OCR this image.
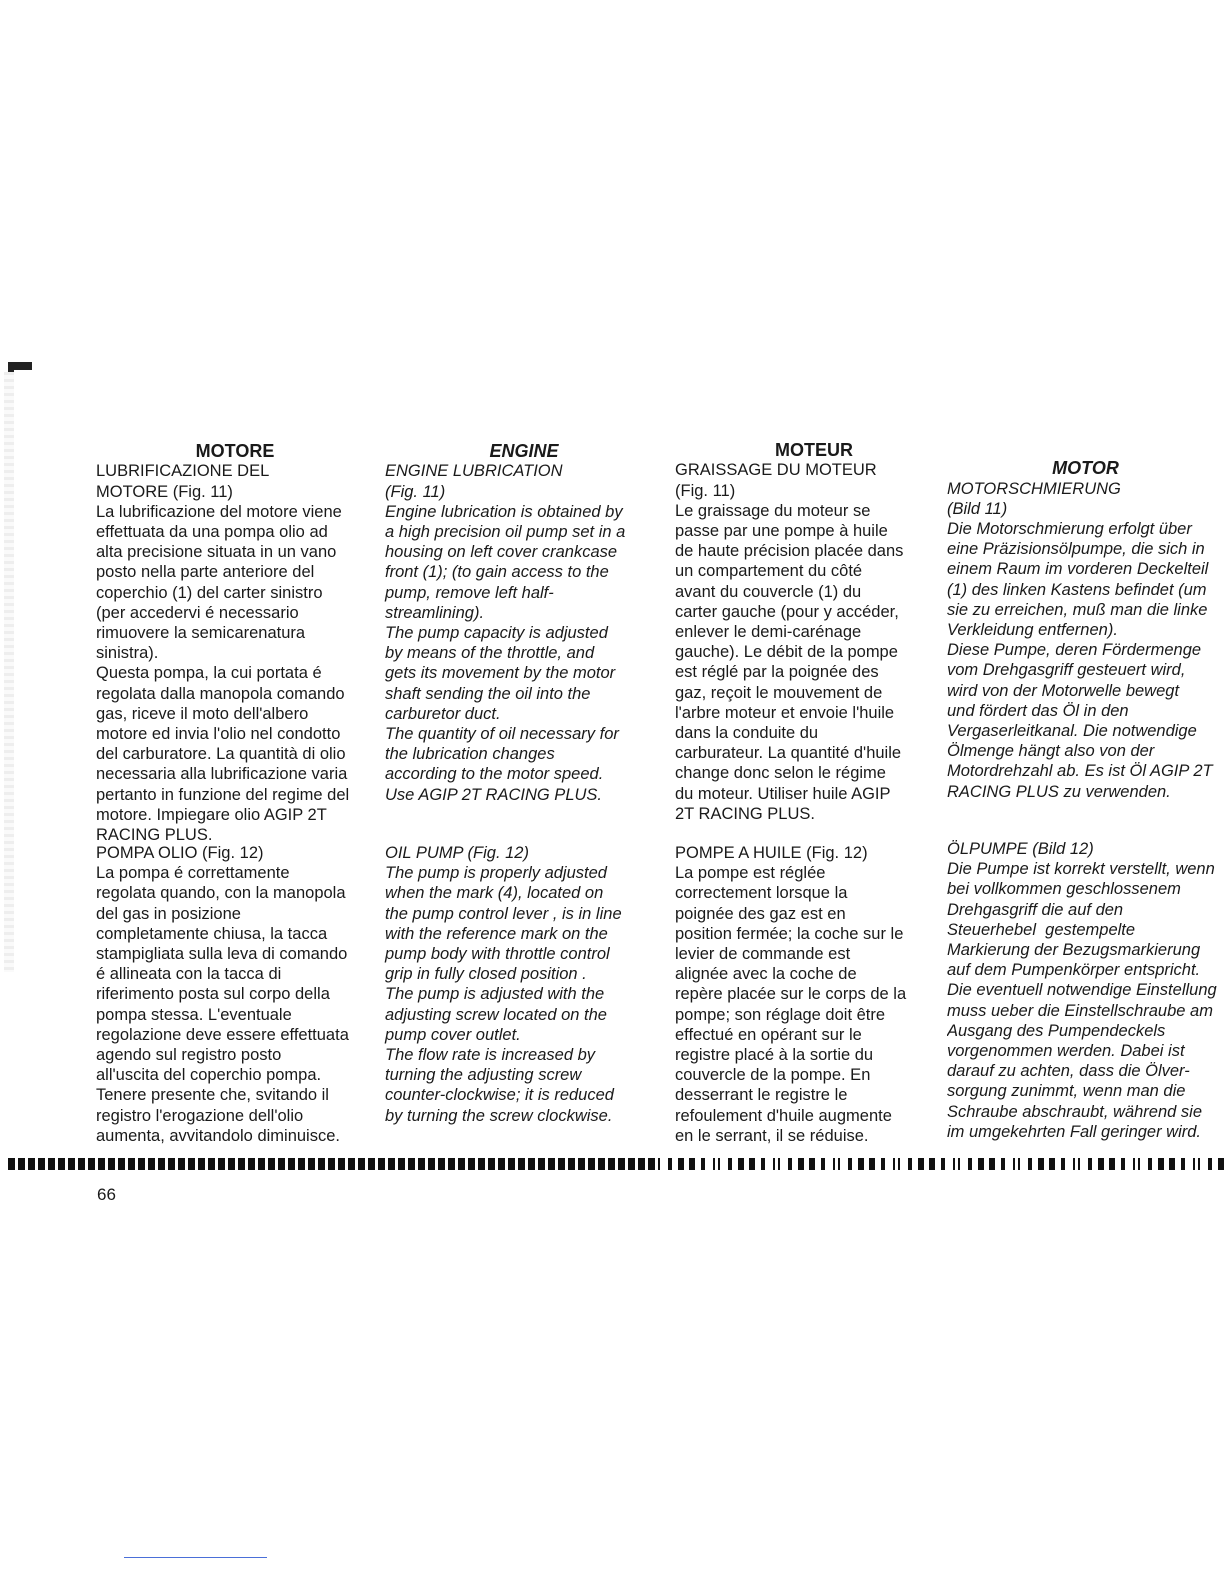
MOTORE
LUBRIFICAZIONE DEL
MOTORE (Fig. 11)
La lubrificazione del motore viene
effettuata da una pompa olio ad
alta precisione situata in un vano
posto nella parte anteriore del
coperchio (1) del carter sinistro
(per accedervi é necessario
rimuovere la semicarenatura
sinistra).
Questa pompa, la cui portata é
regolata dalla manopola comando
gas, riceve il moto dell'albero
motore ed invia l'olio nel condotto
del carburatore. La quantità di olio
necessaria alla lubrificazione varia
pertanto in funzione del regime del
motore. Impiegare olio AGIP 2T
RACING PLUS.

ENGINE
ENGINE LUBRICATION
(Fig. 11)
Engine lubrication is obtained by
a high precision oil pump set in a
housing on left cover crankcase
front (1); (to gain access to the
pump, remove left half-
streamlining).
The pump capacity is adjusted
by means of the throttle, and
gets its movement by the motor
shaft sending the oil into the
carburetor duct.
The quantity of oil necessary for
the lubrication changes
according to the motor speed.
Use AGIP 2T RACING PLUS.

MOTEUR
GRAISSAGE DU MOTEUR
(Fig. 11)
Le graissage du moteur se
passe par une pompe à huile
de haute précision placée dans
un compartement du côté
avant du couvercle (1) du
carter gauche (pour y accéder,
enlever le demi-carénage
gauche). Le débit de la pompe
est réglé par la poignée des
gaz, reçoit le mouvement de
l'arbre moteur et envoie l'huile
dans la conduite du
carburateur. La quantité d'huile
change donc selon le régime
du moteur. Utiliser huile AGIP
2T RACING PLUS.

MOTOR
MOTORSCHMIERUNG
(Bild 11)
Die Motorschmierung erfolgt über
eine Präzisionsölpumpe, die sich in
einem Raum im vorderen Deckelteil
(1) des linken Kastens befindet (um
sie zu erreichen, muß man die linke
Verkleidung entfernen).
Diese Pumpe, deren Fördermenge
vom Drehgasgriff gesteuert wird,
wird von der Motorwelle bewegt
und fördert das Öl in den
Vergaserleitkanal. Die notwendige
Ölmenge hängt also von der
Motordrehzahl ab. Es ist Öl AGIP 2T
RACING PLUS zu verwenden.

POMPA OLIO (Fig. 12)
La pompa é correttamente
regolata quando, con la manopola
del gas in posizione
completamente chiusa, la tacca
stampigliata sulla leva di comando
é allineata con la tacca di
riferimento posta sul corpo della
pompa stessa. L'eventuale
regolazione deve essere effettuata
agendo sul registro posto
all'uscita del coperchio pompa.
Tenere presente che, svitando il
registro l'erogazione dell'olio
aumenta, avvitandolo diminuisce.
OIL PUMP (Fig. 12)
The pump is properly adjusted
when the mark (4), located on
the pump control lever , is in line
with the reference mark on the
pump body with throttle control
grip in fully closed position .
The pump is adjusted with the
adjusting screw located on the
pump cover outlet.
The flow rate is increased by
turning the adjusting screw
counter-clockwise; it is reduced
by turning the screw clockwise.
POMPE A HUILE (Fig. 12)
La pompe est réglée
correctement lorsque la
poignée des gaz est en
position fermée; la coche sur le
levier de commande est
alignée avec la coche de
repère placée sur le corps de la
pompe; son réglage doit être
effectué en opérant sur le
registre placé à la sortie du
couvercle de la pompe. En
desserrant le registre le
refoulement d'huile augmente
en le serrant, il se réduise.
ÖLPUMPE (Bild 12)
Die Pumpe ist korrekt verstellt, wenn
bei vollkommen geschlossenem
Drehgasgriff die auf den
Steuerhebel  gestempelte
Markierung der Bezugsmarkierung
auf dem Pumpenkörper entspricht.
Die eventuell notwendige Einstellung
muss ueber die Einstellschraube am
Ausgang des Pumpendeckels
vorgenommen werden. Dabei ist
darauf zu achten, dass die Ölver-
sorgung zunimmt, wenn man die
Schraube abschraubt, während sie
im umgekehrten Fall geringer wird.
66
